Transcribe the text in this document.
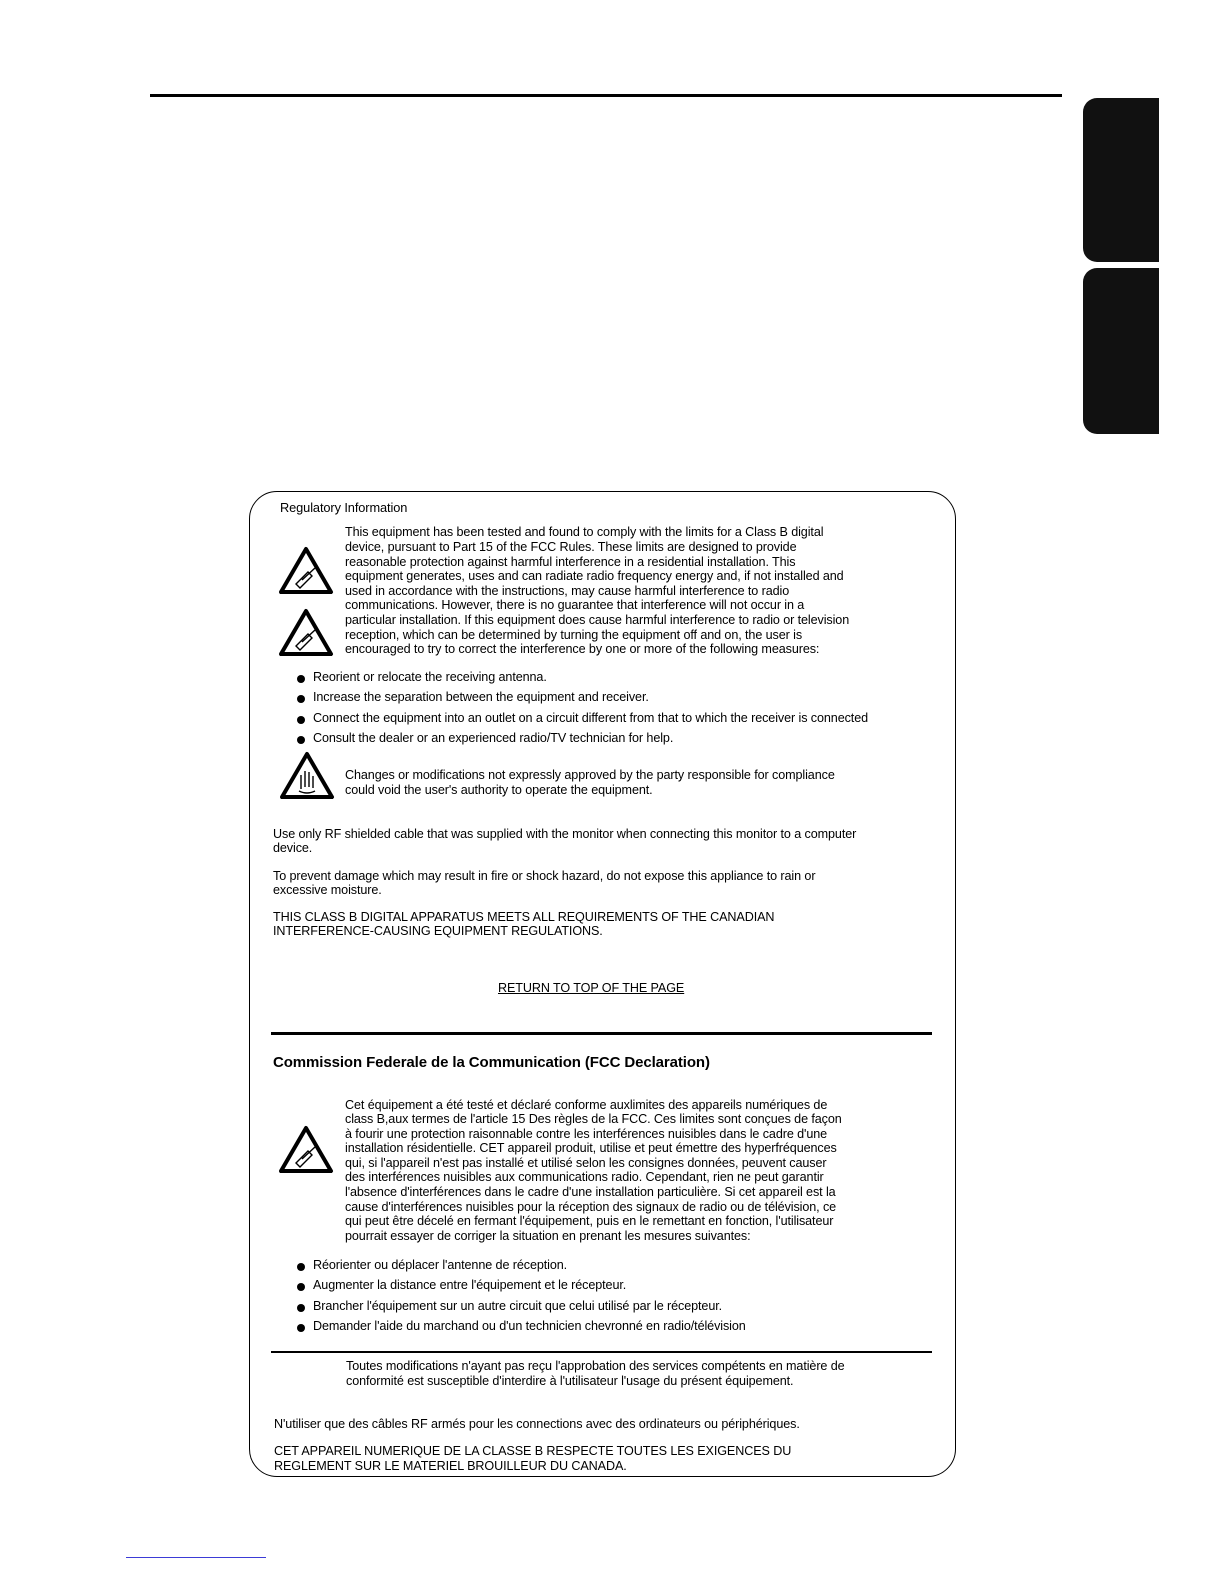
Regulatory Information
This equipment has been tested and found to comply with the limits for a Class B digital
device, pursuant to Part 15 of the FCC Rules. These limits are designed to provide
reasonable protection against harmful interference in a residential installation. This
equipment generates, uses and can radiate radio frequency energy and, if not installed and
used in accordance with the instructions, may cause harmful interference to radio
communications. However, there is no guarantee that interference will not occur in a
particular installation. If this equipment does cause harmful interference to radio or television
reception, which can be determined by turning the equipment off and on, the user is
encouraged to try to correct the interference by one or more of the following measures:
Reorient or relocate the receiving antenna.
Increase the separation between the equipment and receiver.
Connect the equipment into an outlet on a circuit different from that to which the receiver is connected
Consult the dealer or an experienced radio/TV technician for help.
Changes or modifications not expressly approved by the party responsible for compliance
could void the user's authority to operate the equipment.
Use only RF shielded cable that was supplied with the monitor when connecting this monitor to a computer
device.
To prevent damage which may result in fire or shock hazard, do not expose this appliance to rain or
excessive moisture.
THIS CLASS B DIGITAL APPARATUS MEETS ALL REQUIREMENTS OF THE CANADIAN
INTERFERENCE-CAUSING EQUIPMENT REGULATIONS.
RETURN TO TOP OF THE PAGE
Commission Federale de la Communication (FCC Declaration)
Cet équipement a été testé et déclaré conforme auxlimites des appareils numériques de
class B,aux termes de l'article 15 Des règles de la FCC. Ces limites sont conçues de façon
à fourir une protection raisonnable contre les interférences nuisibles dans le cadre d'une
installation résidentielle. CET appareil produit, utilise et peut émettre des hyperfréquences
qui, si l'appareil n'est pas installé et utilisé selon les consignes données, peuvent causer
des interférences nuisibles aux communications radio. Cependant, rien ne peut garantir
l'absence d'interférences dans le cadre d'une installation particulière. Si cet appareil est la
cause d'interférences nuisibles pour la réception des signaux de radio ou de télévision, ce
qui peut être décelé en fermant l'équipement, puis en le remettant en fonction, l'utilisateur
pourrait essayer de corriger la situation en prenant les mesures suivantes:
Réorienter ou déplacer l'antenne de réception.
Augmenter la distance entre l'équipement et le récepteur.
Brancher l'équipement sur un autre circuit que celui utilisé par le récepteur.
Demander l'aide du marchand ou d'un technicien chevronné en radio/télévision
Toutes modifications n'ayant pas reçu l'approbation des services compétents en matière de
conformité est susceptible d'interdire à l'utilisateur l'usage du présent équipement.
N'utiliser que des câbles RF armés pour les connections avec des ordinateurs ou périphériques.
CET APPAREIL NUMERIQUE DE LA CLASSE B RESPECTE TOUTES LES EXIGENCES DU
REGLEMENT SUR LE MATERIEL BROUILLEUR DU CANADA.
